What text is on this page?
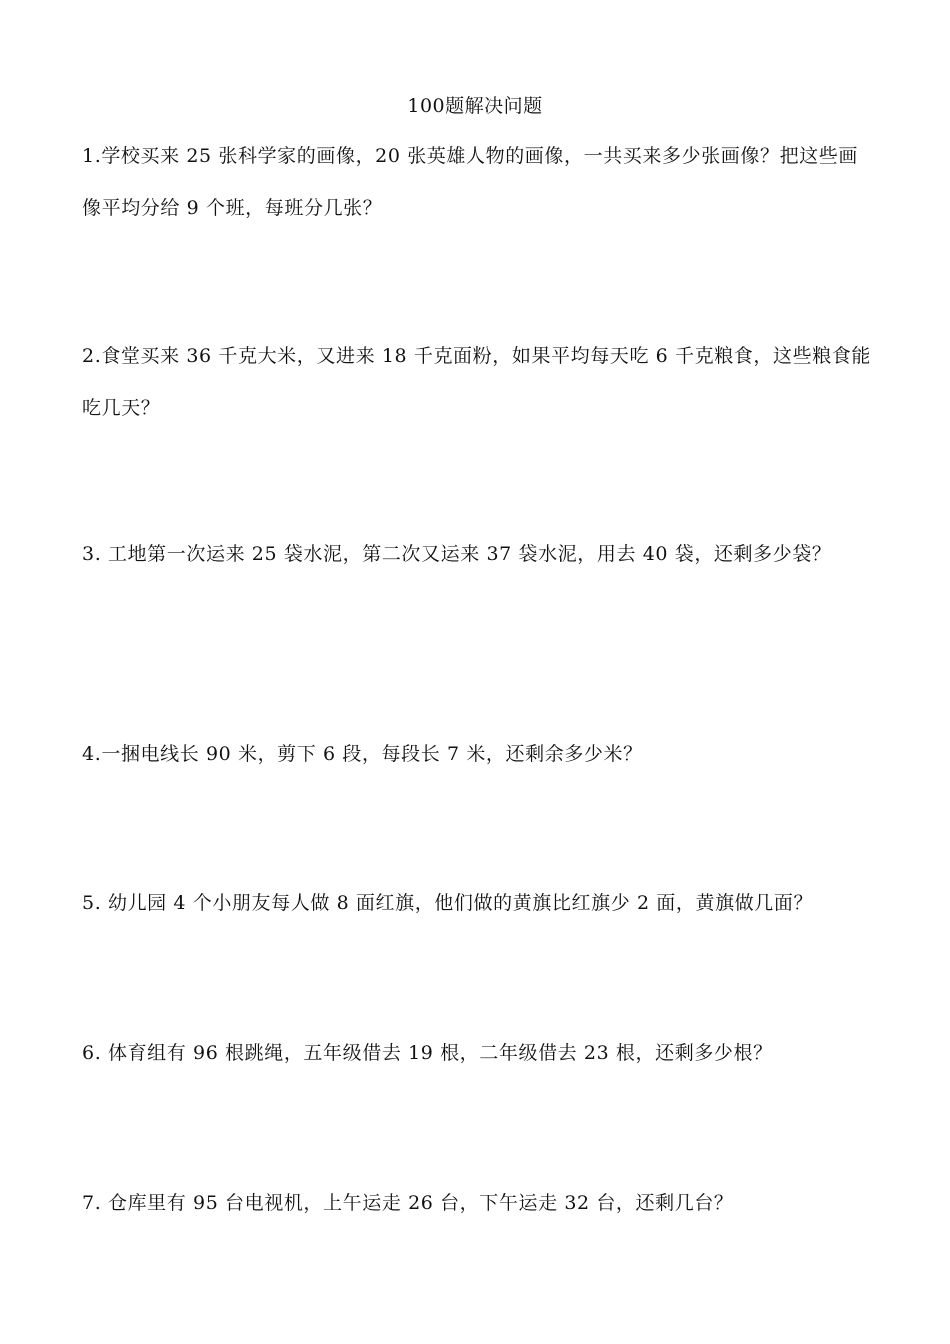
100题解决问题

1.学校买来 25 张科学家的画像，20 张英雄人物的画像，一共买来多少张画像？把这些画像平均分给 9 个班，每班分几张？

2.食堂买来 36 千克大米，又进来 18 千克面粉，如果平均每天吃 6 千克粮食，这些粮食能吃几天？

3. 工地第一次运来 25 袋水泥，第二次又运来 37 袋水泥，用去 40 袋，还剩多少袋？

4.一捆电线长 90 米，剪下 6 段，每段长 7 米，还剩余多少米？

5. 幼儿园 4 个小朋友每人做 8 面红旗，他们做的黄旗比红旗少 2 面，黄旗做几面？

6. 体育组有 96 根跳绳，五年级借去 19 根，二年级借去 23 根，还剩多少根？

7. 仓库里有 95 台电视机，上午运走 26 台，下午运走 32 台，还剩几台？
